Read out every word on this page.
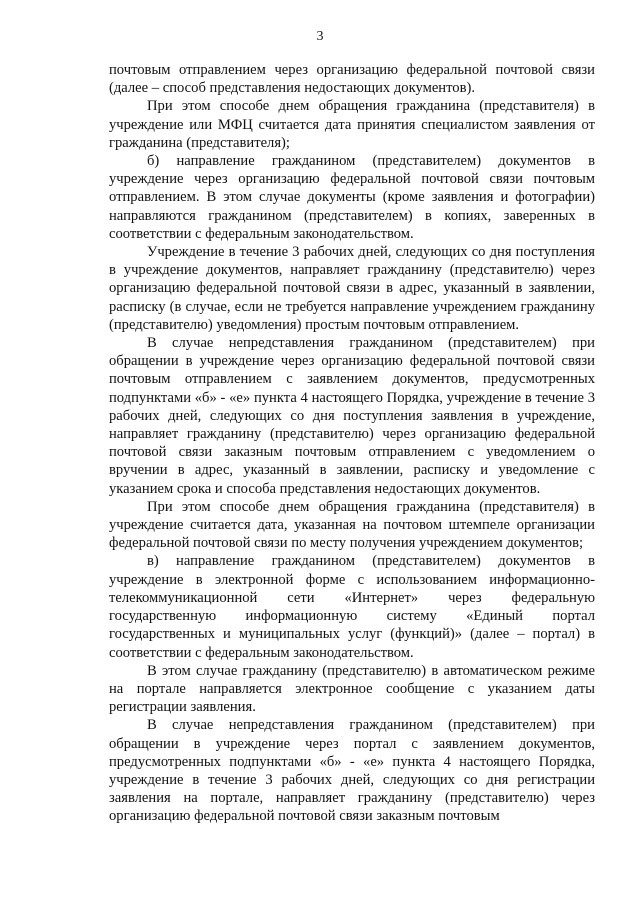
3

почтовым отправлением через организацию федеральной почтовой связи (далее – способ представления недостающих документов).

При этом способе днем обращения гражданина (представителя) в учреждение или МФЦ считается дата принятия специалистом заявления от гражданина (представителя);

б) направление гражданином (представителем) документов в учреждение через организацию федеральной почтовой связи почтовым отправлением. В этом случае документы (кроме заявления и фотографии) направляются гражданином (представителем) в копиях, заверенных в соответствии с федеральным законодательством.

Учреждение в течение 3 рабочих дней, следующих со дня поступления в учреждение документов, направляет гражданину (представителю) через организацию федеральной почтовой связи в адрес, указанный в заявлении, расписку (в случае, если не требуется направление учреждением гражданину (представителю) уведомления) простым почтовым отправлением.

В случае непредставления гражданином (представителем) при обращении в учреждение через организацию федеральной почтовой связи почтовым отправлением с заявлением документов, предусмотренных подпунктами «б» - «е» пункта 4 настоящего Порядка, учреждение в течение 3 рабочих дней, следующих со дня поступления заявления в учреждение, направляет гражданину (представителю) через организацию федеральной почтовой связи заказным почтовым отправлением с уведомлением о вручении в адрес, указанный в заявлении, расписку и уведомление с указанием срока и способа представления недостающих документов.

При этом способе днем обращения гражданина (представителя) в учреждение считается дата, указанная на почтовом штемпеле организации федеральной почтовой связи по месту получения учреждением документов;

в) направление гражданином (представителем) документов в учреждение в электронной форме с использованием информационно-телекоммуникационной сети «Интернет» через федеральную государственную информационную систему «Единый портал государственных и муниципальных услуг (функций)» (далее – портал) в соответствии с федеральным законодательством.

В этом случае гражданину (представителю) в автоматическом режиме на портале направляется электронное сообщение с указанием даты регистрации заявления.

В случае непредставления гражданином (представителем) при обращении в учреждение через портал с заявлением документов, предусмотренных подпунктами «б» - «е» пункта 4 настоящего Порядка, учреждение в течение 3 рабочих дней, следующих со дня регистрации заявления на портале, направляет гражданину (представителю) через организацию федеральной почтовой связи заказным почтовым
